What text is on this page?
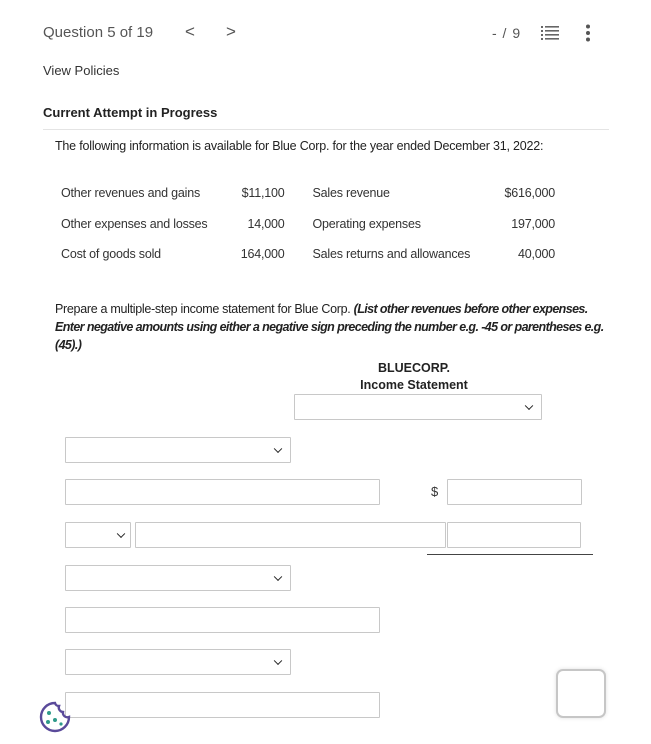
Question 5 of 19 < >	- / 9
View Policies
Current Attempt in Progress
The following information is available for Blue Corp. for the year ended December 31, 2022:
Other revenues and gains	$11,100	Sales revenue	$616,000
Other expenses and losses	14,000	Operating expenses	197,000
Cost of goods sold	164,000	Sales returns and allowances	40,000
Prepare a multiple-step income statement for Blue Corp. (List other revenues before other expenses.
Enter negative amounts using either a negative sign preceding the number e.g. -45 or parentheses e.g. (45).)
BLUECORP.
Income Statement
$
